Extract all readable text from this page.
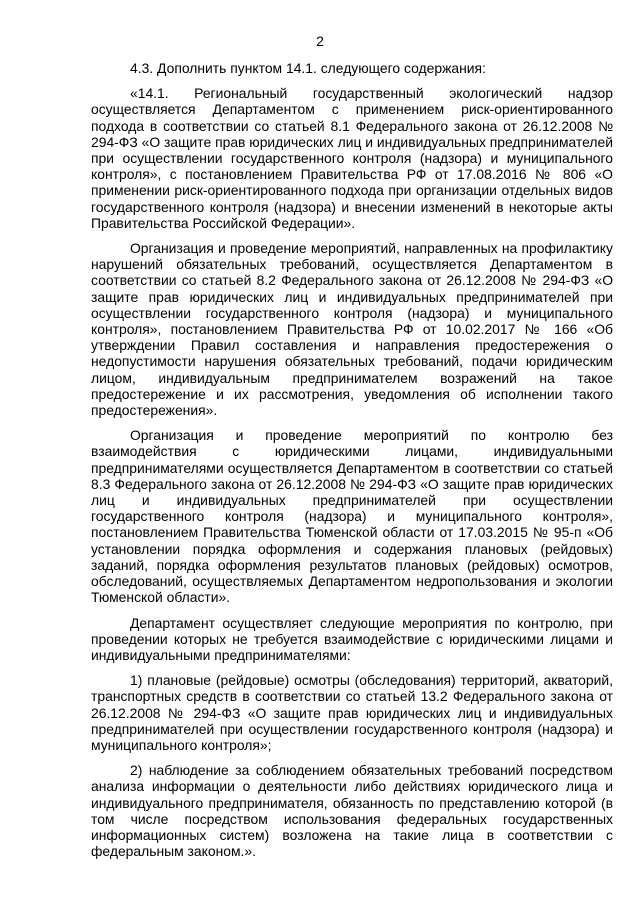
2

4.3. Дополнить пунктом 14.1. следующего содержания:

«14.1. Региональный государственный экологический надзор осуществляется Департаментом с применением риск-ориентированного подхода в соответствии со статьей 8.1 Федерального закона от 26.12.2008 № 294-ФЗ «О защите прав юридических лиц и индивидуальных предпринимателей при осуществлении государственного контроля (надзора) и муниципального контроля», с постановлением Правительства РФ от 17.08.2016 № 806 «О применении риск-ориентированного подхода при организации отдельных видов государственного контроля (надзора) и внесении изменений в некоторые акты Правительства Российской Федерации».

Организация и проведение мероприятий, направленных на профилактику нарушений обязательных требований, осуществляется Департаментом в соответствии со статьей 8.2 Федерального закона от 26.12.2008 № 294-ФЗ «О защите прав юридических лиц и индивидуальных предпринимателей при осуществлении государственного контроля (надзора) и муниципального контроля», постановлением Правительства РФ от 10.02.2017 № 166 «Об утверждении Правил составления и направления предостережения о недопустимости нарушения обязательных требований, подачи юридическим лицом, индивидуальным предпринимателем возражений на такое предостережение и их рассмотрения, уведомления об исполнении такого предостережения».

Организация и проведение мероприятий по контролю без взаимодействия с юридическими лицами, индивидуальными предпринимателями осуществляется Департаментом в соответствии со статьей 8.3 Федерального закона от 26.12.2008 № 294-ФЗ «О защите прав юридических лиц и индивидуальных предпринимателей при осуществлении государственного контроля (надзора) и муниципального контроля», постановлением Правительства Тюменской области от 17.03.2015 № 95-п «Об установлении порядка оформления и содержания плановых (рейдовых) заданий, порядка оформления результатов плановых (рейдовых) осмотров, обследований, осуществляемых Департаментом недропользования и экологии Тюменской области».

Департамент осуществляет следующие мероприятия по контролю, при проведении которых не требуется взаимодействие с юридическими лицами и индивидуальными предпринимателями:

1) плановые (рейдовые) осмотры (обследования) территорий, акваторий, транспортных средств в соответствии со статьей 13.2 Федерального закона от 26.12.2008 № 294-ФЗ «О защите прав юридических лиц и индивидуальных предпринимателей при осуществлении государственного контроля (надзора) и муниципального контроля»;

2) наблюдение за соблюдением обязательных требований посредством анализа информации о деятельности либо действиях юридического лица и индивидуального предпринимателя, обязанность по представлению которой (в том числе посредством использования федеральных государственных информационных систем) возложена на такие лица в соответствии с федеральным законом.».
